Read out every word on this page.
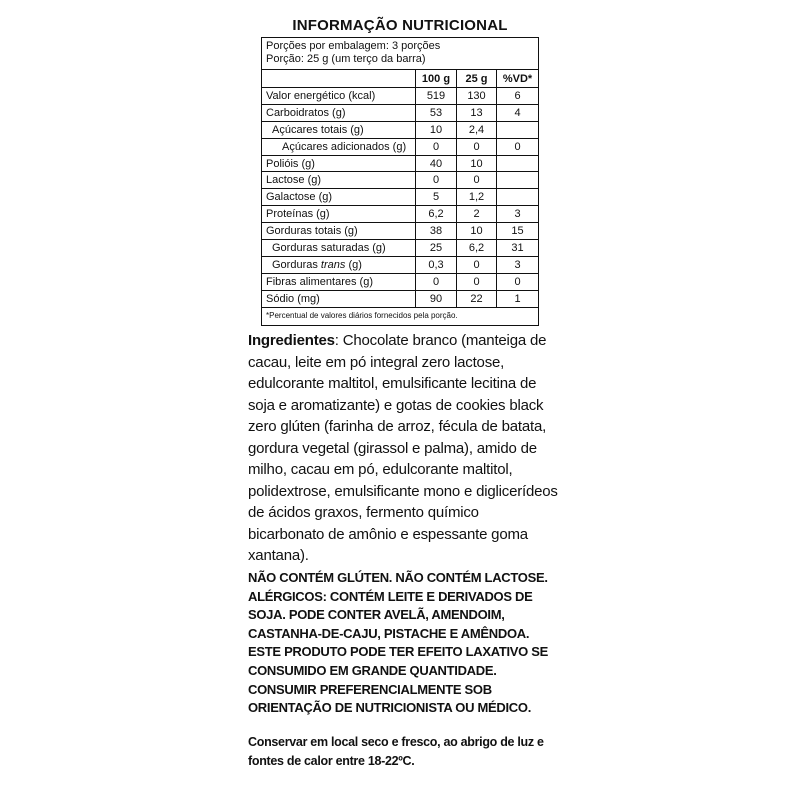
INFORMAÇÃO NUTRICIONAL
Porções por embalagem: 3 porções
Porção: 25 g (um terço da barra)
100 g	25 g	%VD*
Valor energético (kcal)	519	130	6
Carboidratos (g)	53	13	4
Açúcares totais (g)	10	2,4
Açúcares adicionados (g)	0	0	0
Polióis (g)	40	10
Lactose (g)	0	0
Galactose (g)	5	1,2
Proteínas (g)	6,2	2	3
Gorduras totais (g)	38	10	15
Gorduras saturadas (g)	25	6,2	31
Gorduras trans (g)	0,3	0	3
Fibras alimentares (g)	0	0	0
Sódio (mg)	90	22	1
*Percentual de valores diários fornecidos pela porção.
Ingredientes: Chocolate branco (manteiga de cacau, leite em pó integral zero lactose, edulcorante maltitol, emulsificante lecitina de soja e aromatizante) e gotas de cookies black zero glúten (farinha de arroz, fécula de batata, gordura vegetal (girassol e palma), amido de milho, cacau em pó, edulcorante maltitol, polidextrose, emulsificante mono e diglicerídeos de ácidos graxos, fermento químico bicarbonato de amônio e espessante goma xantana).
NÃO CONTÉM GLÚTEN. NÃO CONTÉM LACTOSE. ALÉRGICOS: CONTÉM LEITE E DERIVADOS DE SOJA. PODE CONTER AVELÃ, AMENDOIM, CASTANHA-DE-CAJU, PISTACHE E AMÊNDOA. ESTE PRODUTO PODE TER EFEITO LAXATIVO SE CONSUMIDO EM GRANDE QUANTIDADE. CONSUMIR PREFERENCIALMENTE SOB ORIENTAÇÃO DE NUTRICIONISTA OU MÉDICO.
Conservar em local seco e fresco, ao abrigo de luz e fontes de calor entre 18-22ºC.
